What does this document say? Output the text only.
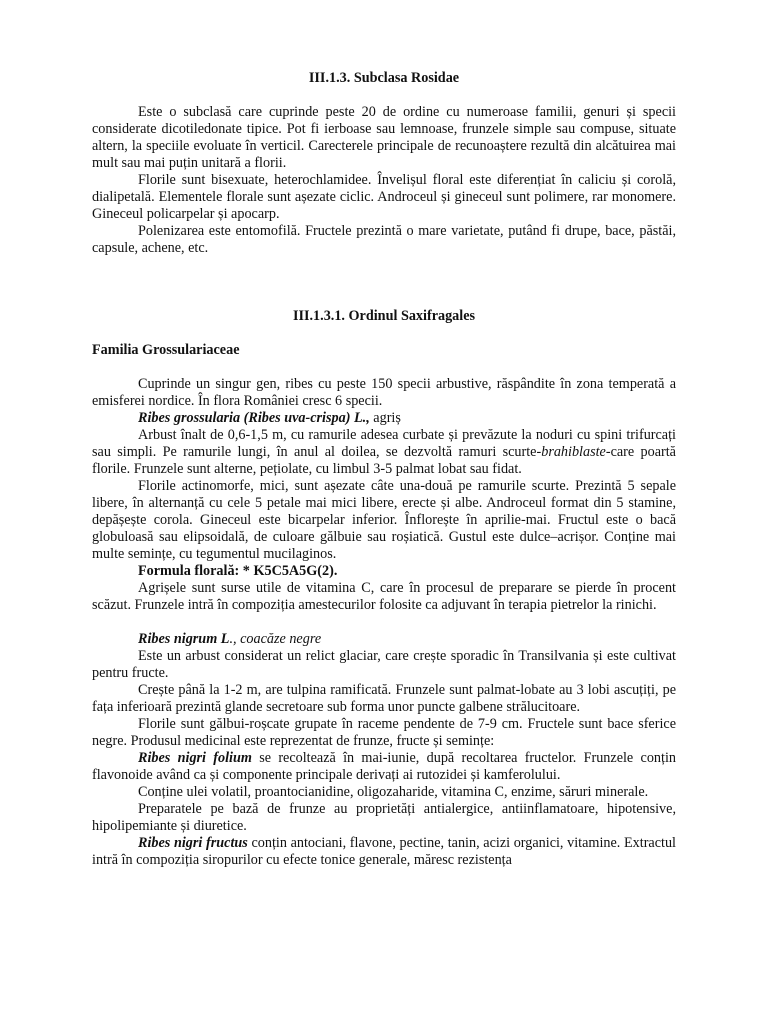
III.1.3. Subclasa Rosidae

Este o subclasă care cuprinde peste 20 de ordine cu numeroase familii, genuri și specii considerate dicotiledonate tipice. Pot fi ierboase sau lemnoase, frunzele simple sau compuse, situate altern, la speciile evoluate în verticil. Carecterele principale de recunoaștere rezultă din alcătuirea mai mult sau mai puțin unitară a florii.

Florile sunt bisexuate, heterochlamidee. Învelișul floral este diferențiat în caliciu și corolă, dialipetală. Elementele florale sunt așezate ciclic. Androceul și gineceul sunt polimere, rar monomere. Gineceul policarpelar și apocarp.

Polenizarea este entomofilă. Fructele prezintă o mare varietate, putând fi drupe, bace, păstăi, capsule, achene, etc.

III.1.3.1. Ordinul Saxifragales

Familia Grossulariaceae

Cuprinde un singur gen, ribes cu peste 150 specii arbustive, răspândite în zona temperată a emisferei nordice. În flora României cresc 6 specii.

Ribes grossularia (Ribes uva-crispa) L., agriș

Arbust înalt de 0,6-1,5 m, cu ramurile adesea curbate și prevăzute la noduri cu spini trifurcați sau simpli. Pe ramurile lungi, în anul al doilea, se dezvoltă ramuri scurte-brahiblaste-care poartă florile. Frunzele sunt alterne, pețiolate, cu limbul 3-5 palmat lobat sau fidat.

Florile actinomorfe, mici, sunt așezate câte una-două pe ramurile scurte. Prezintă 5 sepale libere, în alternanță cu cele 5 petale mai mici libere, erecte și albe. Androceul format din 5 stamine, depășește corola. Gineceul este bicarpelar inferior. Înflorește în aprilie-mai. Fructul este o bacă globuloasă sau elipsoidală, de culoare gălbuie sau roșiatică. Gustul este dulce–acrișor. Conține mai multe semințe, cu tegumentul mucilaginos.

Formula florală: * K5C5A5G(2).

Agrișele sunt surse utile de vitamina C, care în procesul de preparare se pierde în procent scăzut. Frunzele intră în compoziția amestecurilor folosite ca adjuvant în terapia pietrelor la rinichi.

Ribes nigrum L., coacăze negre

Este un arbust considerat un relict glaciar, care crește sporadic în Transilvania și este cultivat pentru fructe.

Crește până la 1-2 m, are tulpina ramificată. Frunzele sunt palmat-lobate au 3 lobi ascuțiți, pe fața inferioară prezintă glande secretoare sub forma unor puncte galbene strălucitoare.

Florile sunt gălbui-roșcate grupate în raceme pendente de 7-9 cm. Fructele sunt bace sferice negre. Produsul medicinal este reprezentat de frunze, fructe și semințe:

Ribes nigri folium se recoltează în mai-iunie, după recoltarea fructelor. Frunzele conțin flavonoide având ca și componente principale derivați ai rutozidei și kamferolului.

Conține ulei volatil, proantocianidine, oligozaharide, vitamina C, enzime, săruri minerale.

Preparatele pe bază de frunze au proprietăți antialergice, antiinflamatoare, hipotensive, hipolipemiante și diuretice.

Ribes nigri fructus conțin antociani, flavone, pectine, tanin, acizi organici, vitamine. Extractul intră în compoziția siropurilor cu efecte tonice generale, măresc rezistența
